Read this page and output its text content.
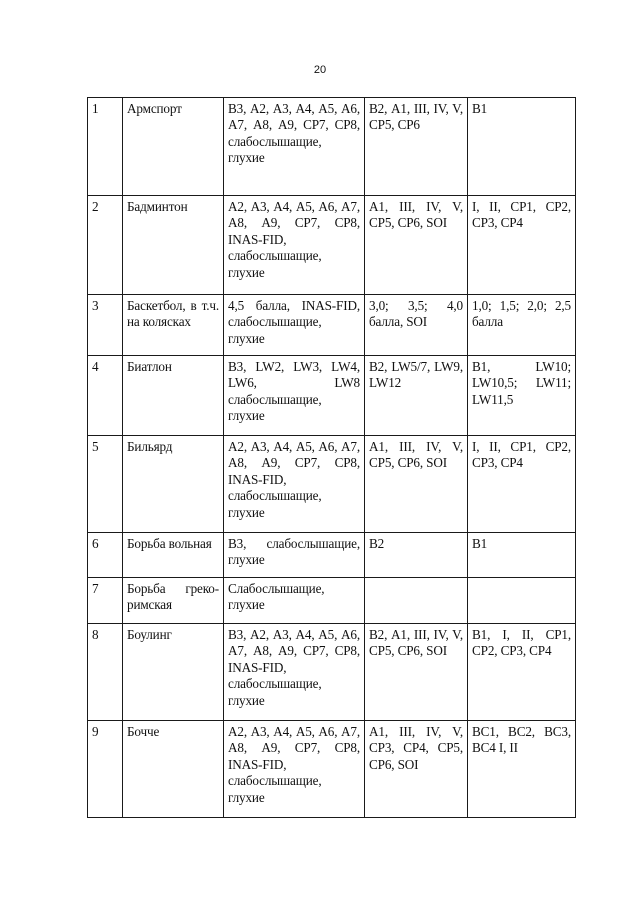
20
1	Армспорт	В3, А2, А3, А4, А5, А6, А7, А8, А9, СР7, СР8, слабослышащие, глухие	В2, А1, III, IV, V, СР5, СР6	В1
2	Бадминтон	А2, А3, А4, А5, А6, А7, А8, А9, СР7, СР8, INAS-FID, слабослышащие, глухие	А1, III, IV, V, СР5, СР6, SOI	I, II, СР1, СР2, СР3, СР4
3	Баскетбол, в т.ч. на колясках	4,5 балла, INAS-FID, слабослышащие, глухие	3,0; 3,5; 4,0 балла, SOI	1,0; 1,5; 2,0; 2,5 балла
4	Биатлон	В3, LW2, LW3, LW4, LW6, LW8 слабослышащие, глухие	В2, LW5/7, LW9, LW12	В1, LW10; LW10,5; LW11; LW11,5
5	Бильярд	А2, А3, А4, А5, А6, А7, А8, А9, СР7, СР8, INAS-FID, слабослышащие, глухие	А1, III, IV, V, СР5, СР6, SOI	I, II, СР1, СР2, СР3, СР4
6	Борьба вольная	В3, слабослышащие, глухие	В2	В1
7	Борьба греко-римская	Слабослышащие, глухие		
8	Боулинг	В3, А2, А3, А4, А5, А6, А7, А8, А9, СР7, СР8, INAS-FID, слабослышащие, глухие	В2, А1, III, IV, V, СР5, СР6, SOI	В1, I, II, СР1, СР2, СР3, СР4
9	Бочче	А2, А3, А4, А5, А6, А7, А8, А9, СР7, СР8, INAS-FID, слабослышащие, глухие	А1, III, IV, V, СР3, СР4, СР5, СР6, SOI	ВС1, ВС2, ВС3, ВС4 I, II
